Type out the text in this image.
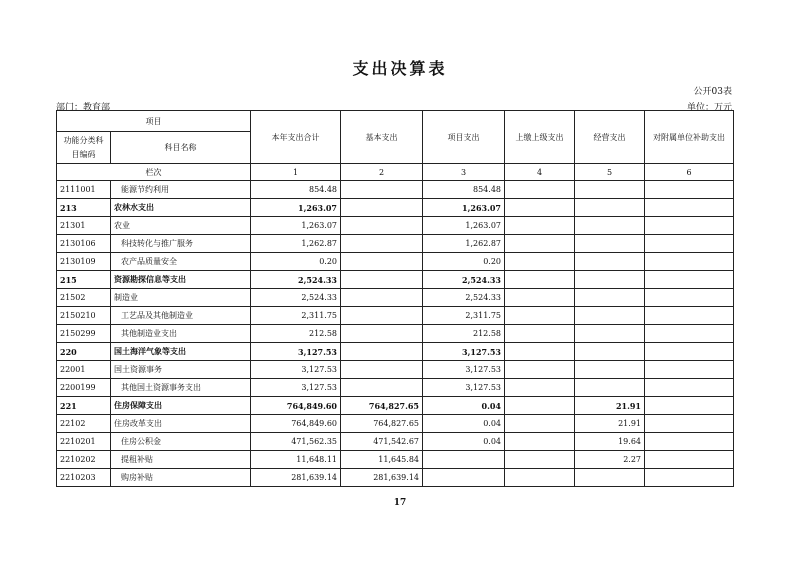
支出决算表
公开03表
部门：教育部	单位：万元
项目		本年支出合计	基本支出	项目支出	上缴上级支出	经营支出	对附属单位补助支出
功能分类科目编码	科目名称						
栏次		1	2	3	4	5	6
2111001	能源节约利用	854.48		854.48			
213	农林水支出	1,263.07		1,263.07			
21301	农业	1,263.07		1,263.07			
2130106	科技转化与推广服务	1,262.87		1,262.87			
2130109	农产品质量安全	0.20		0.20			
215	资源勘探信息等支出	2,524.33		2,524.33			
21502	制造业	2,524.33		2,524.33			
2150210	工艺品及其他制造业	2,311.75		2,311.75			
2150299	其他制造业支出	212.58		212.58			
220	国土海洋气象等支出	3,127.53		3,127.53			
22001	国土资源事务	3,127.53		3,127.53			
2200199	其他国土资源事务支出	3,127.53		3,127.53			
221	住房保障支出	764,849.60	764,827.65	0.04		21.91	
22102	住房改革支出	764,849.60	764,827.65	0.04		21.91	
2210201	住房公积金	471,562.35	471,542.67	0.04		19.64	
2210202	提租补贴	11,648.11	11,645.84			2.27	
2210203	购房补贴	281,639.14	281,639.14				
17
